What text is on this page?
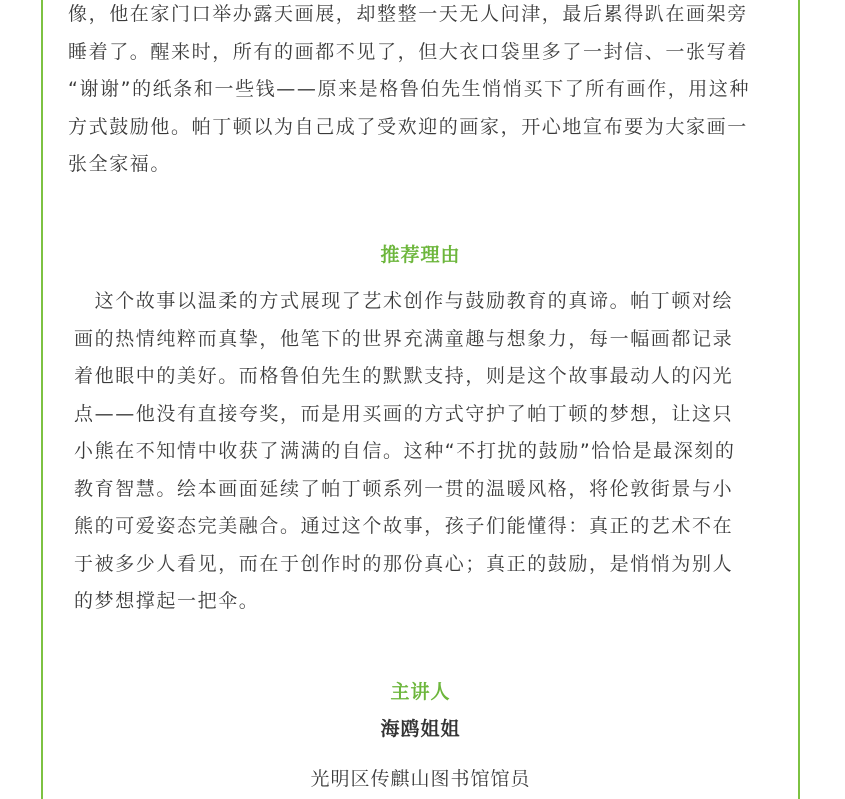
像，他在家门口举办露天画展，却整整一天无人问津，最后累得趴在画架旁
睡着了。醒来时，所有的画都不见了，但大衣口袋里多了一封信、一张写着
“谢谢”的纸条和一些钱——原来是格鲁伯先生悄悄买下了所有画作，用这种
方式鼓励他。帕丁顿以为自己成了受欢迎的画家，开心地宣布要为大家画一
张全家福。

推荐理由

　这个故事以温柔的方式展现了艺术创作与鼓励教育的真谛。帕丁顿对绘
画的热情纯粹而真挚，他笔下的世界充满童趣与想象力，每一幅画都记录
着他眼中的美好。而格鲁伯先生的默默支持，则是这个故事最动人的闪光
点——他没有直接夸奖，而是用买画的方式守护了帕丁顿的梦想，让这只
小熊在不知情中收获了满满的自信。这种“不打扰的鼓励”恰恰是最深刻的
教育智慧。绘本画面延续了帕丁顿系列一贯的温暖风格，将伦敦街景与小
熊的可爱姿态完美融合。通过这个故事，孩子们能懂得：真正的艺术不在
于被多少人看见，而在于创作时的那份真心；真正的鼓励，是悄悄为别人
的梦想撑起一把伞。

主讲人
海鸥姐姐
光明区传麒山图书馆馆员
